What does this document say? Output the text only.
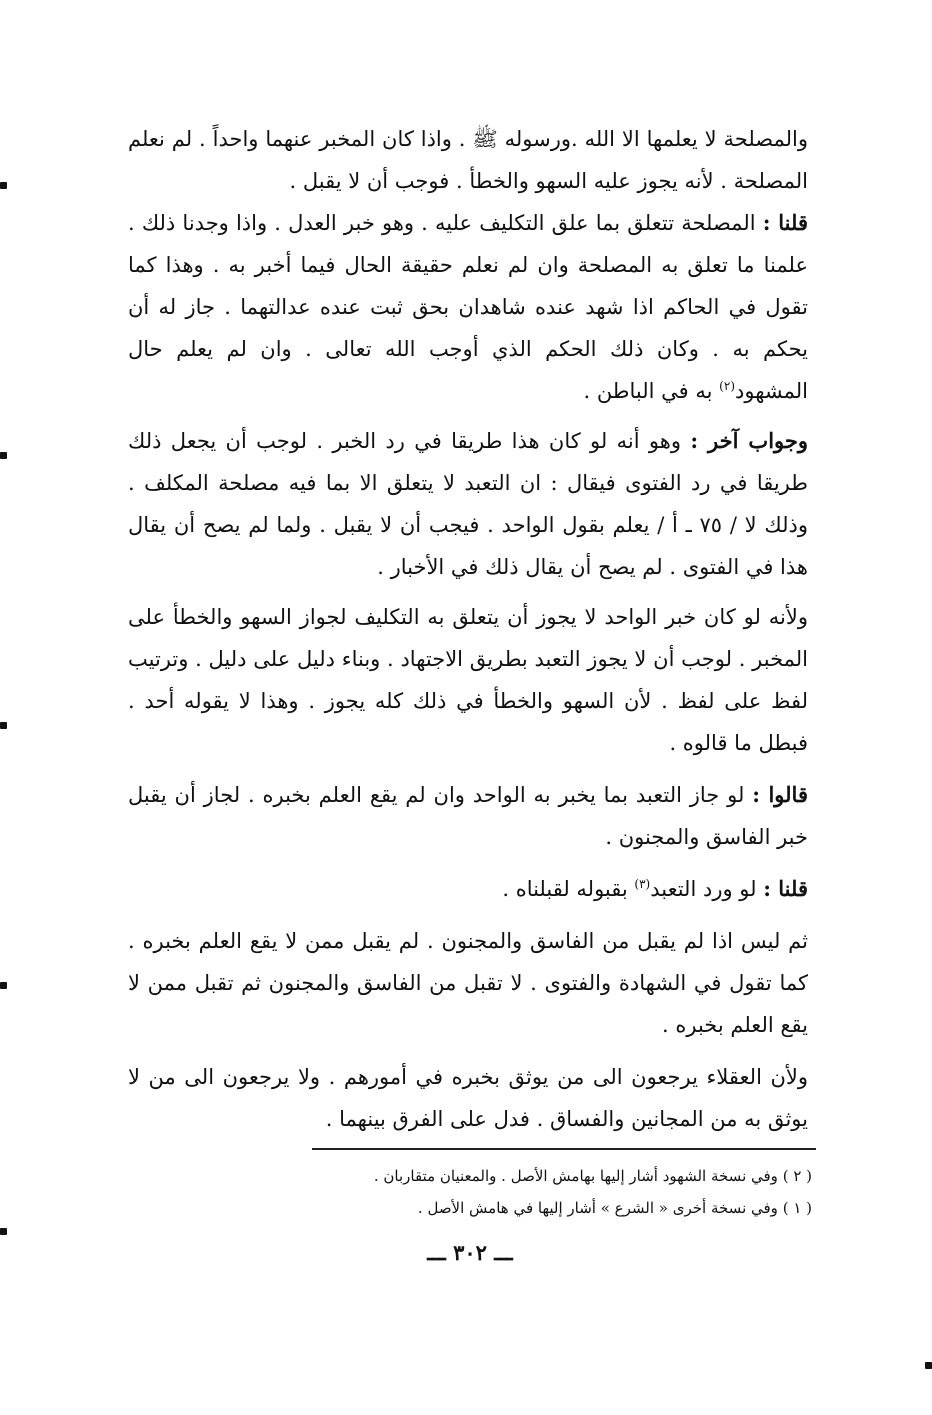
والمصلحة لا يعلمها الا الله .ورسوله ﷺ . واذا كان المخبر عنهما واحداً . لم نعلم المصلحة . لأنه يجوز عليه السهو والخطأ . فوجب أن لا يقبل .

قلنا : المصلحة تتعلق بما علق التكليف عليه . وهو خبر العدل . واذا وجدنا ذلك . علمنا ما تعلق به المصلحة وان لم نعلم حقيقة الحال فيما أخبر به . وهذا كما تقول في الحاكم اذا شهد عنده شاهدان بحق ثبت عنده عدالتهما . جاز له أن يحكم به . وكان ذلك الحكم الذي أوجب الله تعالى . وان لم يعلم حال المشهود$^{(٢)}$ به في الباطن .

وجواب آخر : وهو أنه لو كان هذا طريقا في رد الخبر . لوجب أن يجعل ذلك طريقا في رد الفتوى فيقال : ان التعبد لا يتعلق الا بما فيه مصلحة المكلف . وذلك لا / ٧٥ ـ أ / يعلم بقول الواحد . فيجب أن لا يقبل . ولما لم يصح أن يقال هذا في الفتوى . لم يصح أن يقال ذلك في الأخبار .

ولأنه لو كان خبر الواحد لا يجوز أن يتعلق به التكليف لجواز السهو والخطأ على المخبر . لوجب أن لا يجوز التعبد بطريق الاجتهاد . وبناء دليل على دليل . وترتيب لفظ على لفظ . لأن السهو والخطأ في ذلك كله يجوز . وهذا لا يقوله أحد . فبطل ما قالوه .

قالوا : لو جاز التعبد بما يخبر به الواحد وان لم يقع العلم بخبره . لجاز أن يقبل خبر الفاسق والمجنون .

قلنا : لو ورد التعبد$^{(٣)}$ بقبوله لقبلناه .

ثم ليس اذا لم يقبل من الفاسق والمجنون . لم يقبل ممن لا يقع العلم بخبره . كما تقول في الشهادة والفتوى . لا تقبل من الفاسق والمجنون ثم تقبل ممن لا يقع العلم بخبره .

ولأن العقلاء يرجعون الى من يوثق بخبره في أمورهم . ولا يرجعون الى من لا يوثق به من المجانين والفساق . فدل على الفرق بينهما .

( ٢ ) وفي نسخة الشهود أشار إليها بهامش الأصل . والمعنيان متقاربان .

( ١ ) وفي نسخة أخرى « الشرع » أشار إليها في هامش الأصل .

ـــ ٣٠٢ ـــ
